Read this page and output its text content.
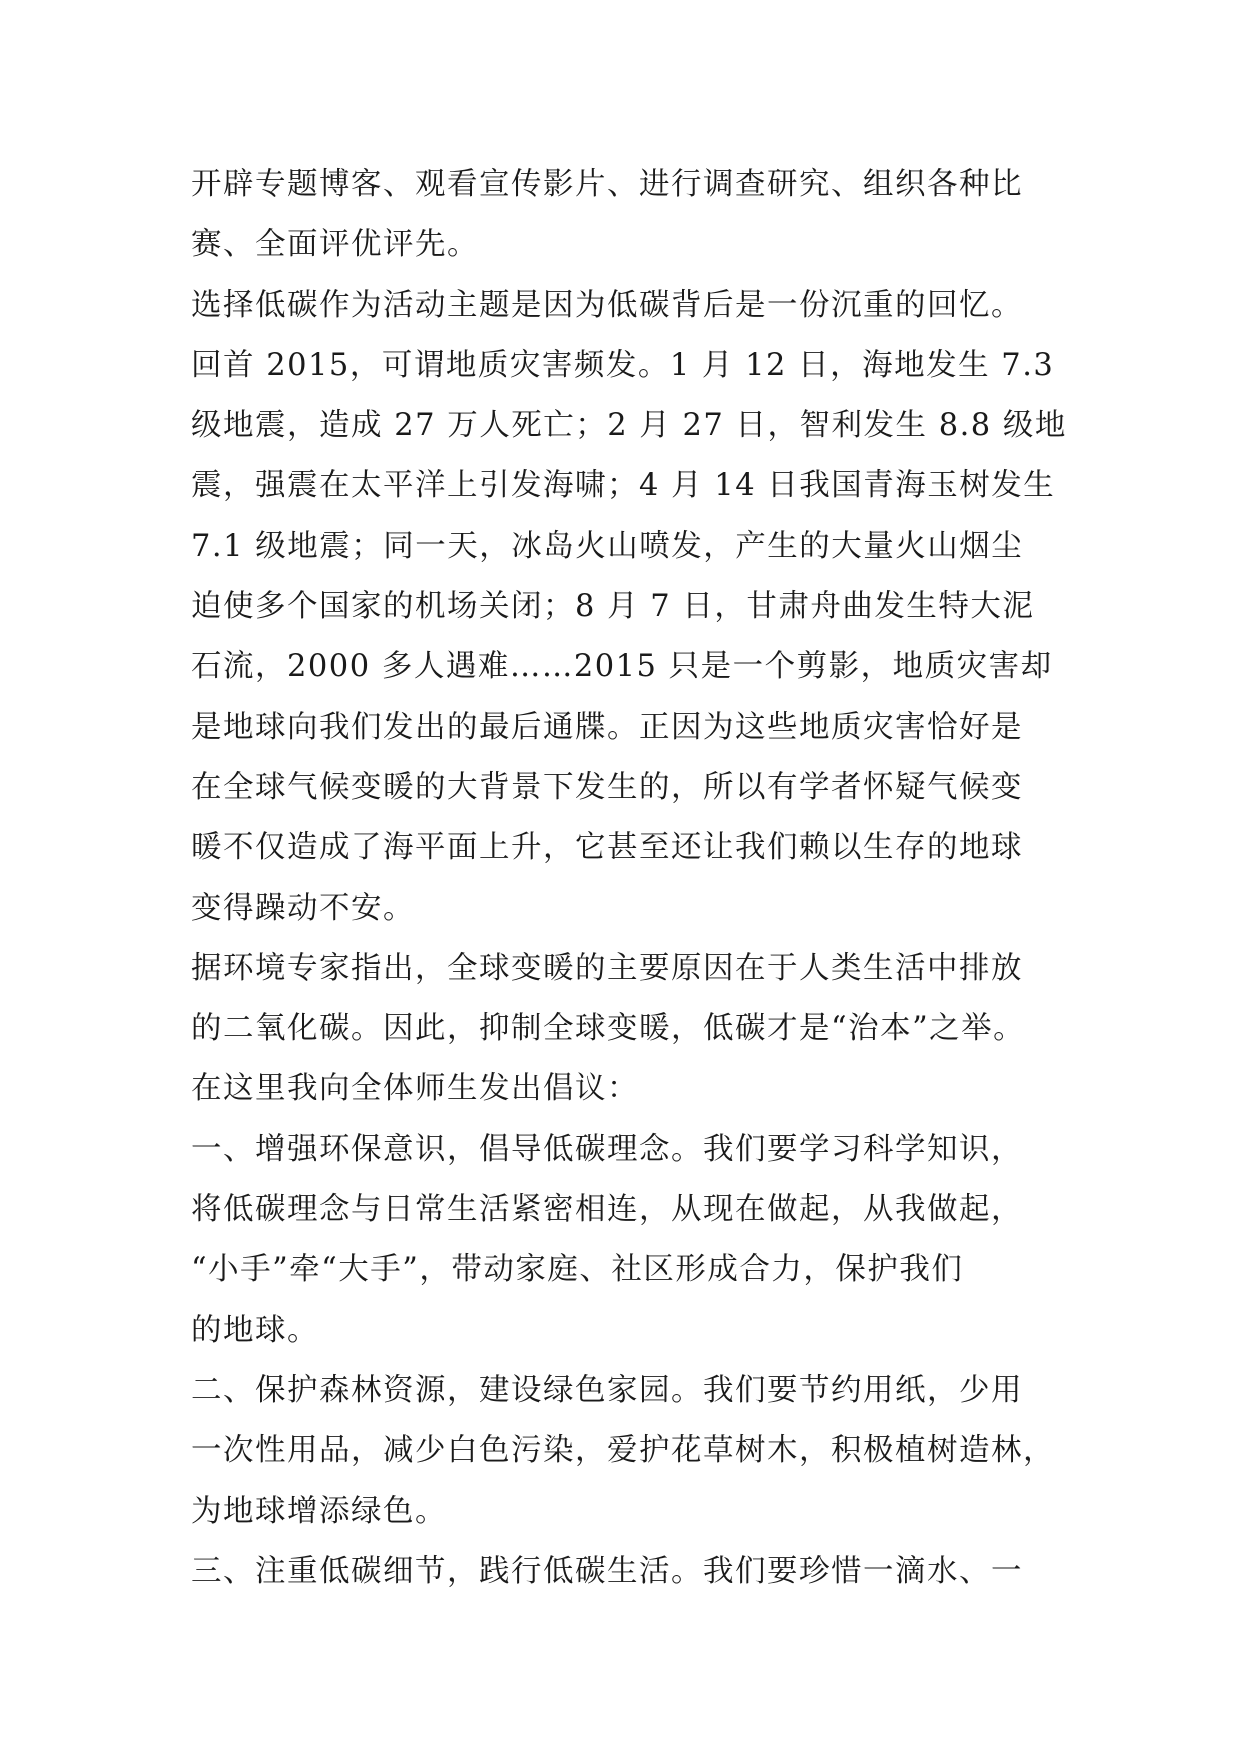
开辟专题博客、观看宣传影片、进行调查研究、组织各种比
赛、全面评优评先。
选择低碳作为活动主题是因为低碳背后是一份沉重的回忆。
回首 2015，可谓地质灾害频发。1 月 12 日，海地发生 7.3
级地震，造成 27 万人死亡；2 月 27 日，智利发生 8.8 级地
震，强震在太平洋上引发海啸；4 月 14 日我国青海玉树发生
7.1 级地震；同一天，冰岛火山喷发，产生的大量火山烟尘
迫使多个国家的机场关闭；8 月 7 日，甘肃舟曲发生特大泥
石流，2000 多人遇难……2015 只是一个剪影，地质灾害却
是地球向我们发出的最后通牒。正因为这些地质灾害恰好是
在全球气候变暖的大背景下发生的，所以有学者怀疑气候变
暖不仅造成了海平面上升，它甚至还让我们赖以生存的地球
变得躁动不安。
据环境专家指出，全球变暖的主要原因在于人类生活中排放
的二氧化碳。因此，抑制全球变暖，低碳才是“治本”之举。
在这里我向全体师生发出倡议：
一、增强环保意识，倡导低碳理念。我们要学习科学知识，
将低碳理念与日常生活紧密相连，从现在做起，从我做起，
“小手”牵“大手”，带动家庭、社区形成合力，保护我们
的地球。
二、保护森林资源，建设绿色家园。我们要节约用纸，少用
一次性用品，减少白色污染，爱护花草树木，积极植树造林，
为地球增添绿色。
三、注重低碳细节，践行低碳生活。我们要珍惜一滴水、一
